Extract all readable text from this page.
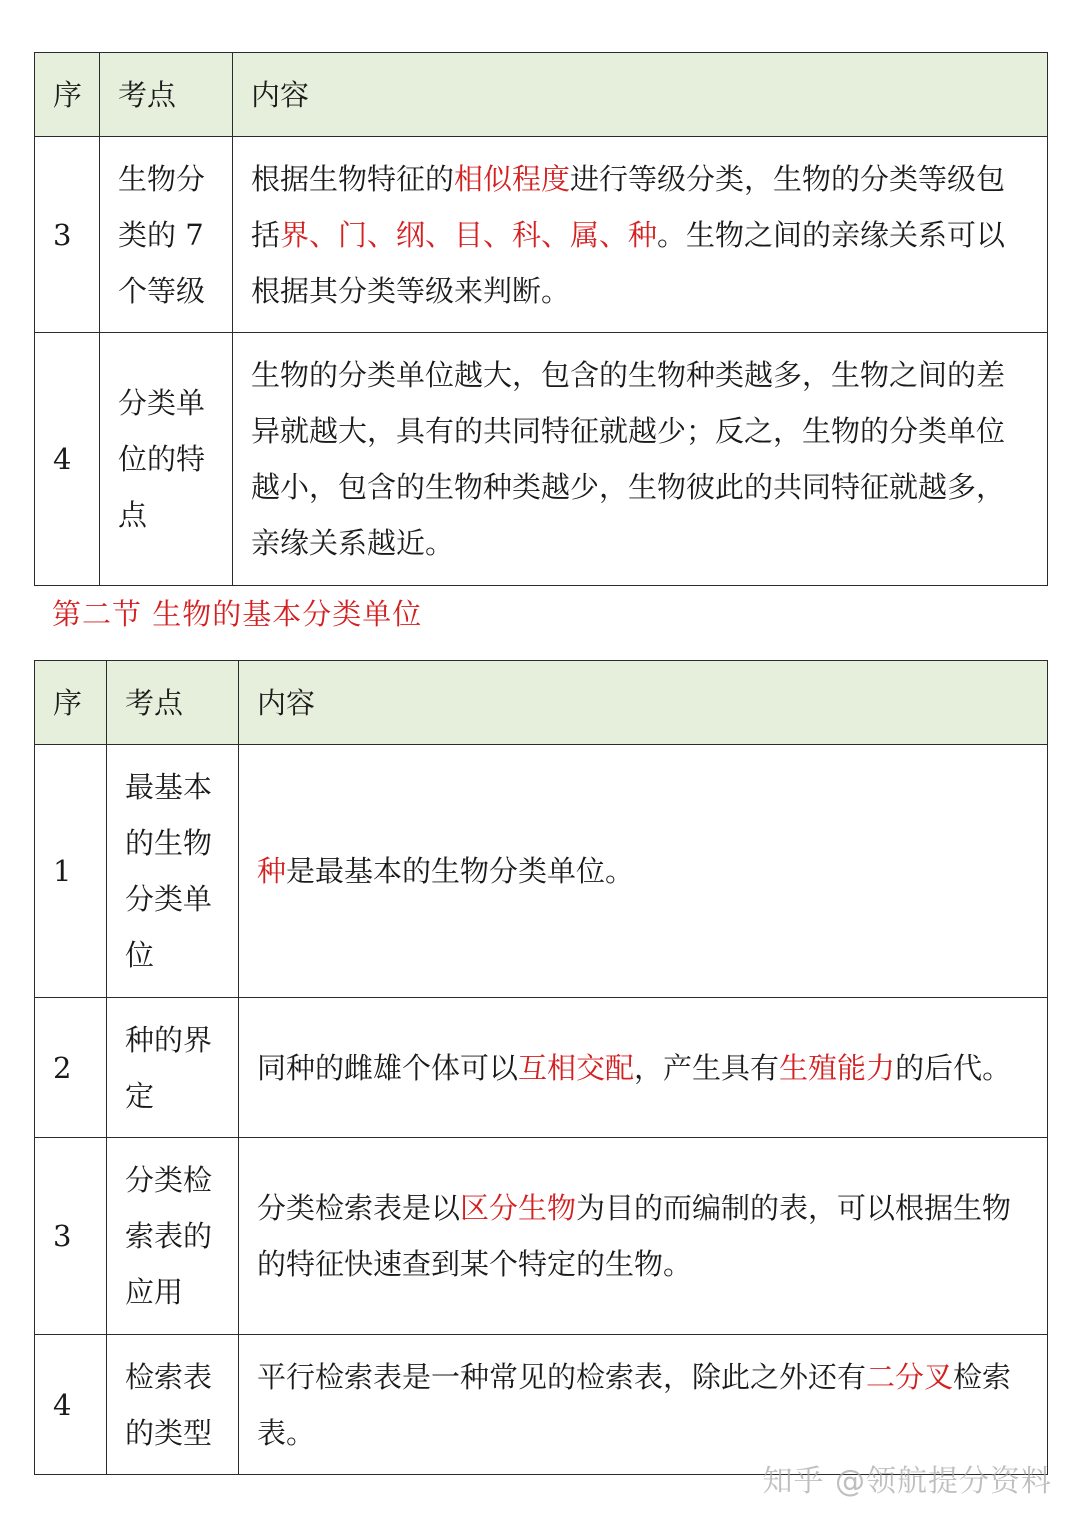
序	考点	内容
3	生物分类的 7 个等级	根据生物特征的相似程度进行等级分类，生物的分类等级包括界、门、纲、目、科、属、种。生物之间的亲缘关系可以根据其分类等级来判断。
4	分类单位的特点	生物的分类单位越大，包含的生物种类越多，生物之间的差异就越大，具有的共同特征就越少；反之，生物的分类单位越小，包含的生物种类越少，生物彼此的共同特征就越多，亲缘关系越近。
第二节 生物的基本分类单位
序	考点	内容
1	最基本的生物分类单位	种是最基本的生物分类单位。
2	种的界定	同种的雌雄个体可以互相交配，产生具有生殖能力的后代。
3	分类检索表的应用	分类检索表是以区分生物为目的而编制的表，可以根据生物的特征快速查到某个特定的生物。
4	检索表的类型	平行检索表是一种常见的检索表，除此之外还有二分叉检索表。
知乎 @领航提分资料
